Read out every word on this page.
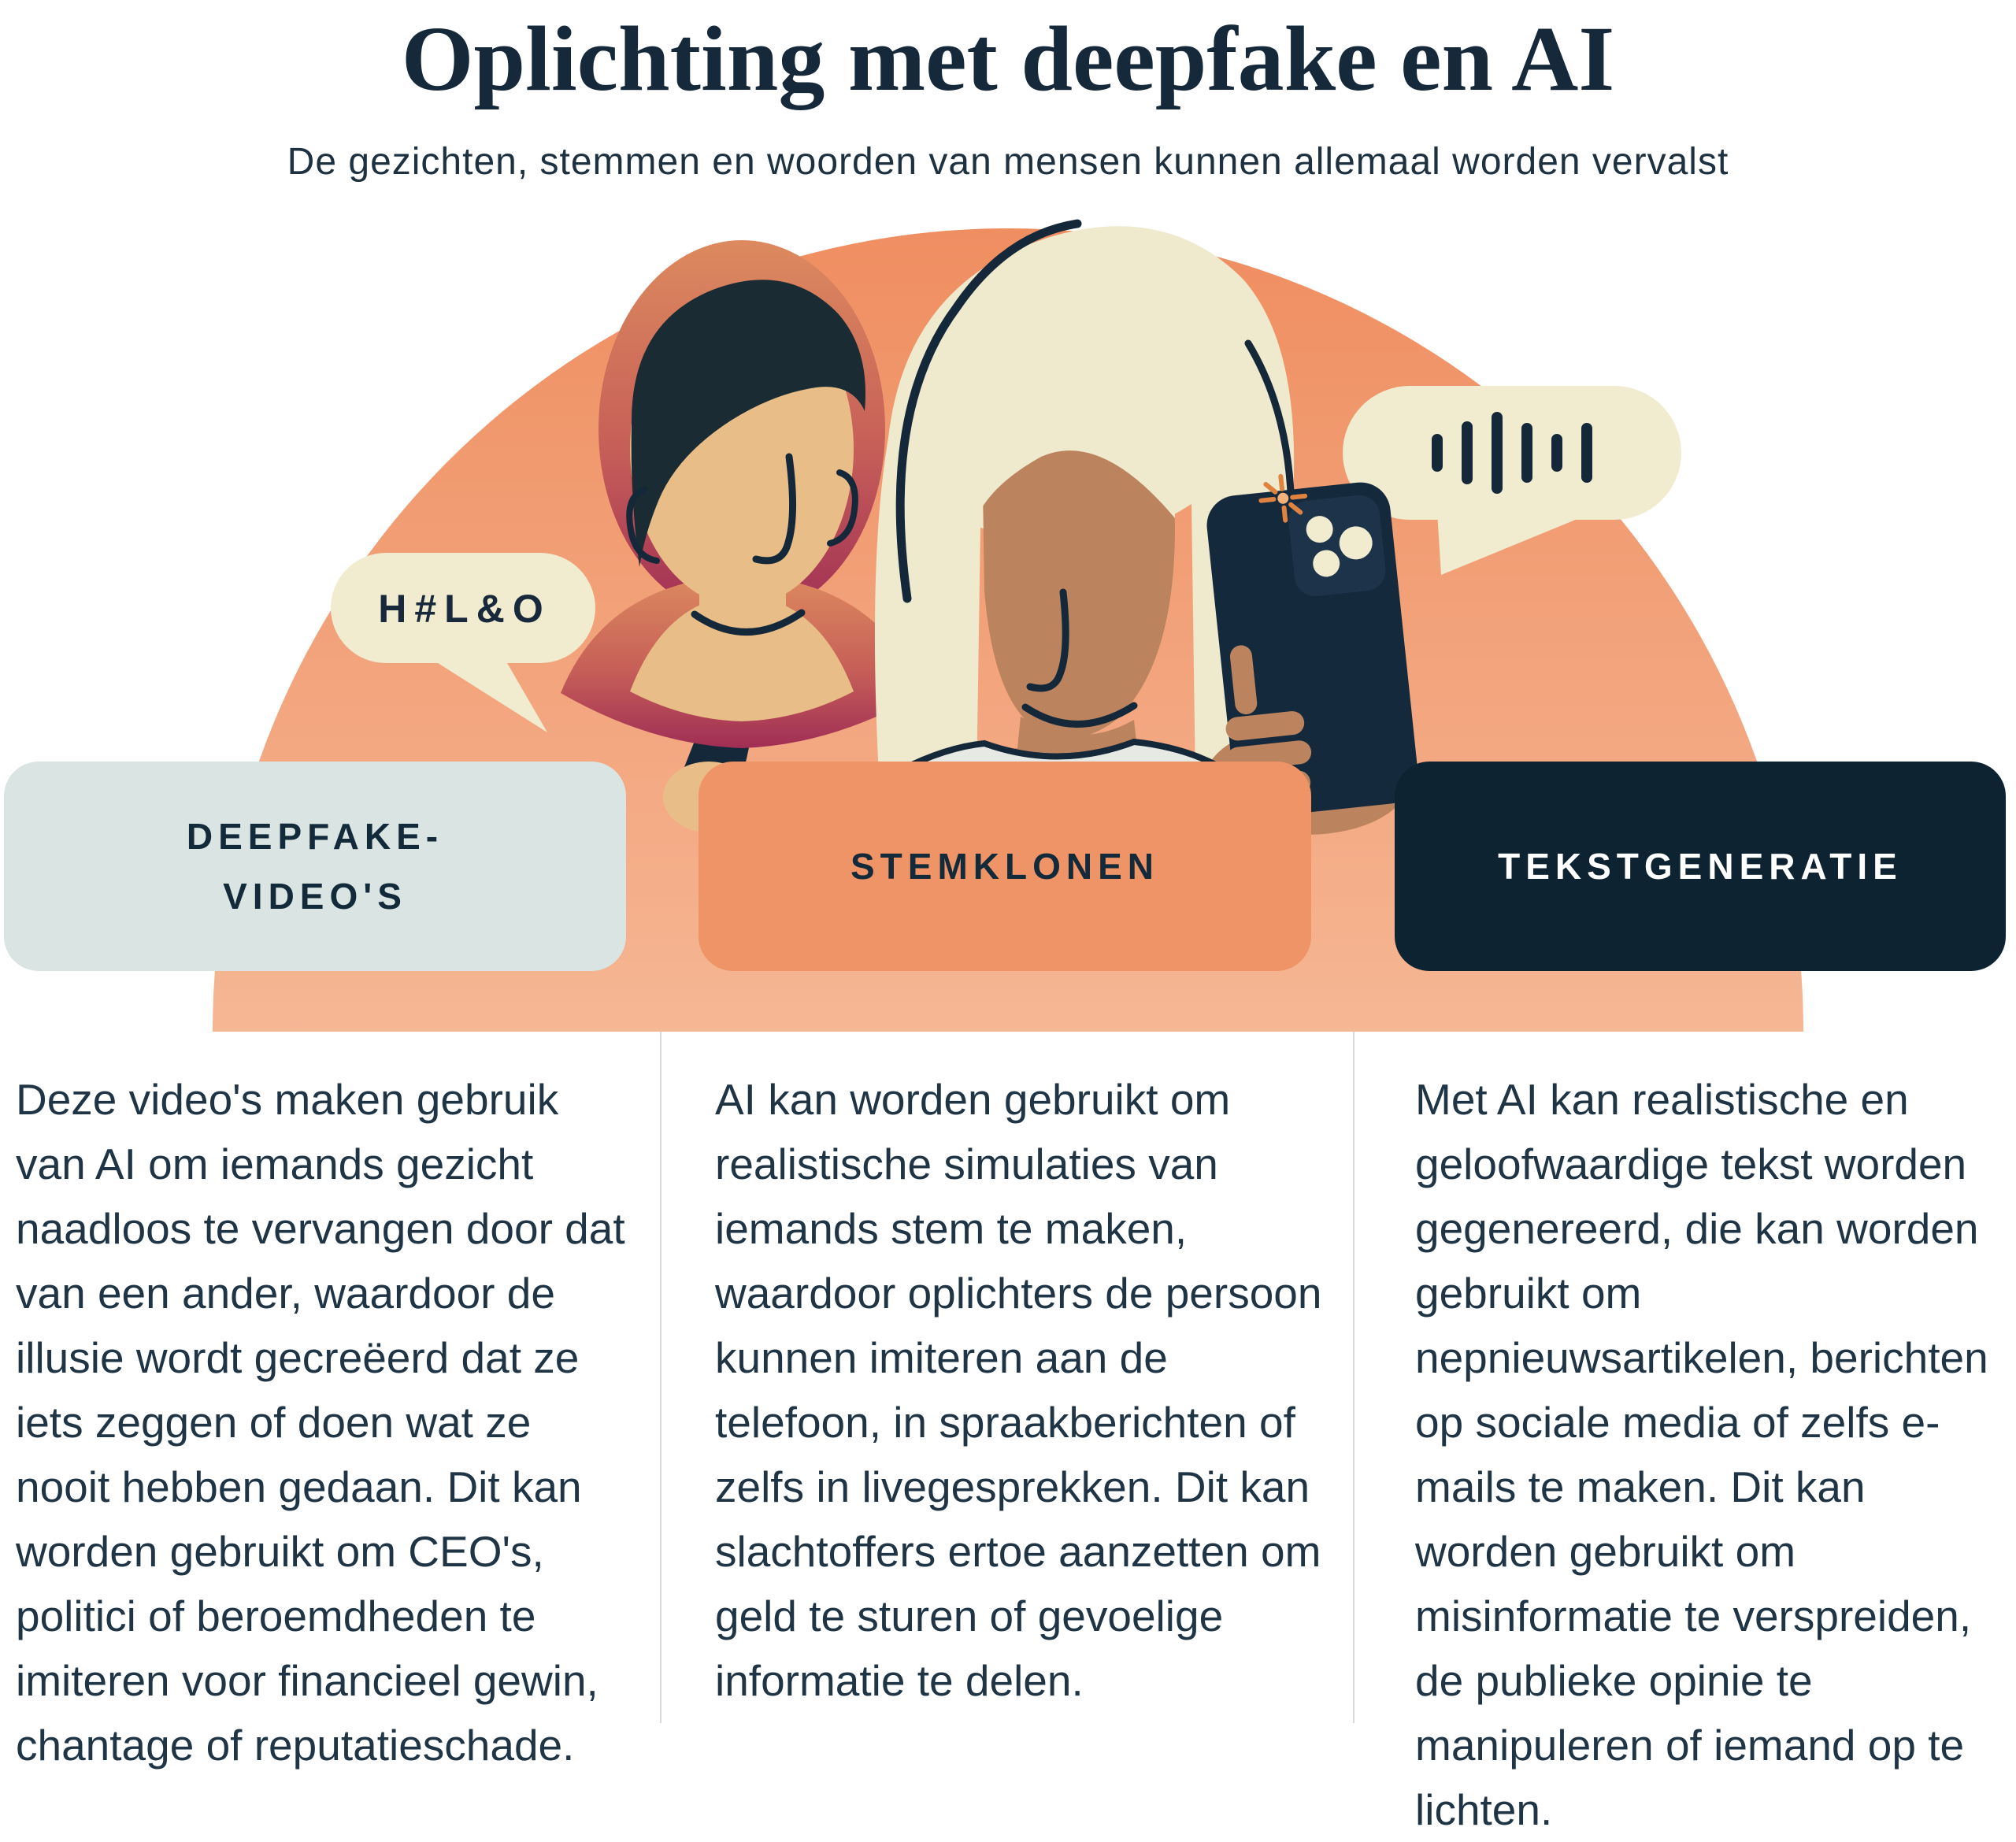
Oplichting met deepfake en AI

De gezichten, stemmen en woorden van mensen kunnen allemaal worden vervalst

H#L&O
DEEPFAKE-VIDEO'S
STEMKLONEN	TEKSTGENERATIE

Deze video's maken gebruik van AI om iemands gezicht naadloos te vervangen door dat van een ander, waardoor de illusie wordt gecreëerd dat ze iets zeggen of doen wat ze nooit hebben gedaan. Dit kan worden gebruikt om CEO's, politici of beroemdheden te imiteren voor financieel gewin, chantage of reputatieschade.

AI kan worden gebruikt om realistische simulaties van iemands stem te maken, waardoor oplichters de persoon kunnen imiteren aan de telefoon, in spraakberichten of zelfs in livegesprekken. Dit kan slachtoffers ertoe aanzetten om geld te sturen of gevoelige informatie te delen.

Met AI kan realistische en geloofwaardige tekst worden gegenereerd, die kan worden gebruikt om nepnieuwsartikelen, berichten op sociale media of zelfs e-mails te maken. Dit kan worden gebruikt om misinformatie te verspreiden, de publieke opinie te manipuleren of iemand op te lichten.
